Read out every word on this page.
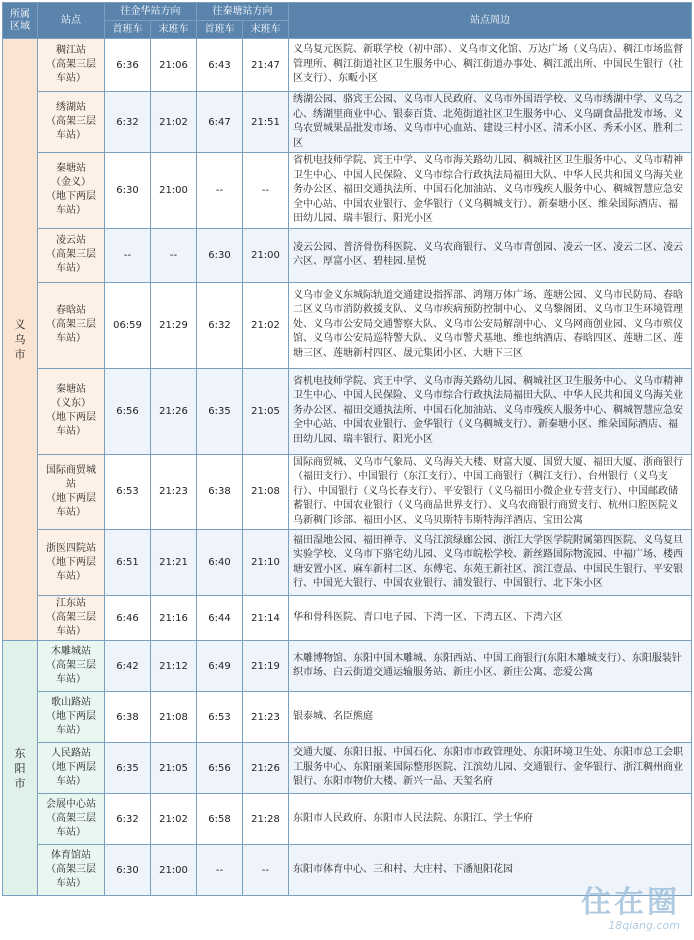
所属
区域	站点	往金华站方向		往秦塘站方向		站点周边
		首班车	末班车	首班车	末班车	

义乌市	稠江站
（高架三层
车站）	6:36	21:06	6:43	21:47	义乌复元医院、新联学校（初中部）、义乌市文化馆、万达广场（义乌店）、稠江市场监督管理所、稠江街道社区卫生服务中心、稠江街道办事处、稠江派出所、中国民生银行（社区支行）、东畈小区
	绣湖站
（高架三层
车站）	6:32	21:02	6:47	21:51	绣湖公园、骆宾王公园、义乌市人民政府、义乌市外国语学校、义乌市绣湖中学、义乌之心、绣湖里商业中心、银泰百货、北苑街道社区卫生服务中心、义乌副食品批发市场、义乌农贸城果品批发市场、义乌市中心血站、建设三村小区、清禾小区、秀禾小区、胜利二区
	秦塘站
（金义）
（地下两层
车站）	6:30	21:00	--	--	省机电技师学院、宾王中学、义乌市海关路幼儿园、稠城社区卫生服务中心、义乌市精神卫生中心、中国人民保险、义乌市综合行政执法局福田大队、中华人民共和国义乌海关业务办公区、福田交通执法所、中国石化加油站、义乌市残疾人服务中心、稠城智慧应急安全中心站、中国农业银行、金华银行（义乌稠城支行）、新秦塘小区、维朵国际酒店、福田幼儿园、瑞丰银行、阳光小区
	凌云站
（高架三层
车站）	--	--	6:30	21:00	凌云公园、普济骨伤科医院、义乌农商银行、义乌市青创园、凌云一区、凌云二区、凌云六区、厚富小区、碧桂园.星悦
	春晗站
（高架三层
车站）	06:59	21:29	6:32	21:02	义乌市金义东城际轨道交通建设指挥部、鸿翔万体广场、莲塘公园、义乌市民防局、春晗二区义乌市消防救援支队、义乌市疾病预防控制中心、义乌黎阁团、义乌市卫生环境管理处、义乌市公安局交通警察大队、义乌市公安局解剖中心、义乌网商创业园、义乌市殡仪馆、义乌市公安局巡特警大队、义乌市警犬基地、维也纳酒店、春晗四区、莲塘二区、莲塘三区、莲塘新村四区、晟元集团小区、大塘下三区
	秦塘站
（义东）
（地下两层
车站）	6:56	21:26	6:35	21:05	省机电技师学院、宾王中学、义乌市海关路幼儿园、稠城社区卫生服务中心、义乌市精神卫生中心、中国人民保险、义乌市综合行政执法局福田大队、中华人民共和国义乌海关业务办公区、福田交通执法所、中国石化加油站、义乌市残疾人服务中心、稠城智慧应急安全中心站、中国农业银行、金华银行（义乌稠城支行）、新秦塘小区、维朵国际酒店、福田幼儿园、瑞丰银行、阳光小区
	国际商贸城
站
（地下两层
车站）	6:53	21:23	6:38	21:08	国际商贸城、义乌市气象局、义乌海关大楼、财富大厦、国贸大厦、福田大厦、浙商银行（福田支行）、中国银行（东江支行）、中国工商银行（稠江支行）、台州银行（义乌支行）、中国银行（义乌长春支行）、平安银行（义乌福田小微企业专营支行）、中国邮政储蓄银行、中国农业银行（义乌商品世界支行）、义乌农商银行商贸支行、杭州口腔医院义乌新稠门诊部、福田小区、义乌贝斯特韦斯特海洋酒店、宝田公寓
	浙医四院站
（地下两层
车站）	6:51	21:21	6:40	21:10	福田湿地公园、福田禅寺、义乌江滨绿廊公园、浙江大学医学院附属第四医院、义乌复旦实验学校、义乌市下骆宅幼儿园、义乌市皖松学校、新丝路国际物流园、中福广场、楼西塘安置小区、麻车新村二区、东傅宅、东苑王新社区、滨江壹品、中国民生银行、平安银行、中国光大银行、中国农业银行、浦发银行、中国银行、北下朱小区
	江东站
（高架三层
车站）	6:46	21:16	6:44	21:14	华和骨科医院、青口电子园、下湾一区、下湾五区、下湾六区

东阳市	木雕城站
（高架三层
车站）	6:42	21:12	6:49	21:19	木雕博物馆、东阳中国木雕城、东阳西站、中国工商银行(东阳木雕城支行）、东阳服装针织市场、白云街道交通运输服务站、新庄小区、新庄公寓、恋爱公寓
	歌山路站
（地下两层
车站）	6:38	21:08	6:53	21:23	银泰城、名臣熊庭
	人民路站
（地下两层
车站）	6:35	21:05	6:56	21:26	交通大厦、东阳日报、中国石化、东阳市市政管理处、东阳环境卫生处、东阳市总工会职工服务中心、东阳丽莱国际整形医院、江滨幼儿园、交通银行、金华银行、浙江稠州商业银行、东阳市物价大楼、新兴一品、天玺名府
	会展中心站
（高架三层
车站）	6:32	21:02	6:58	21:28	东阳市人民政府、东阳市人民法院、东阳江、学士华府
	体育馆站
（高架三层
车站）	6:30	21:00	--	--	东阳市体育中心、三和村、大庄村、下潘旭阳花园
住在圈
18qiang.com
